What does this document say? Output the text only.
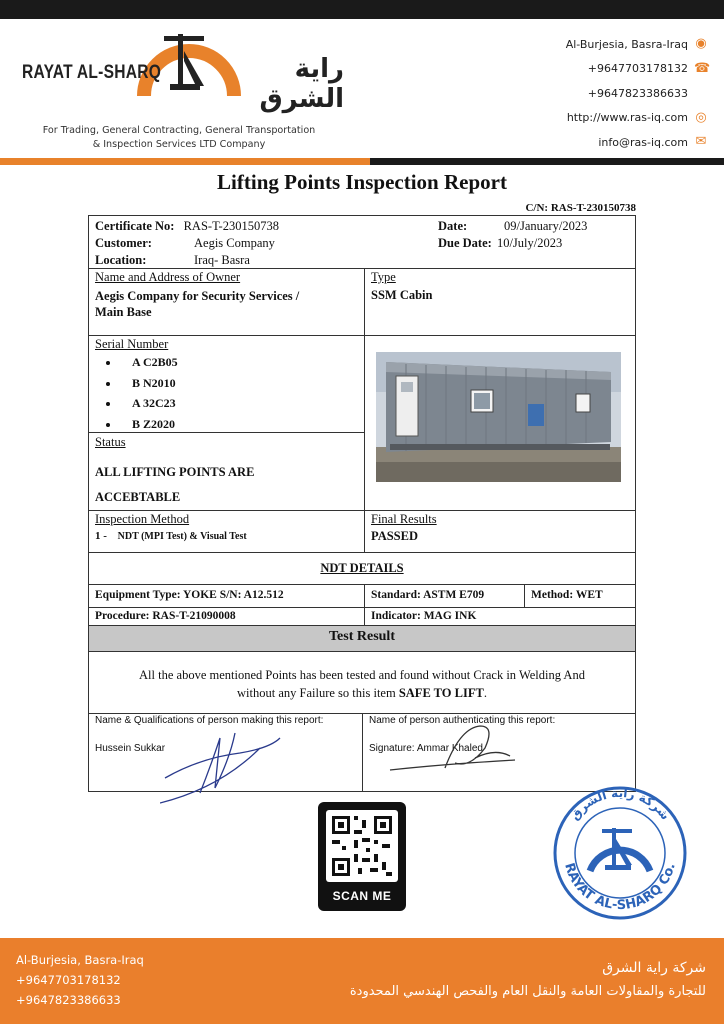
RAYAT AL-SHARQ	راية الشرق
For Trading, General Contracting, General Transportation
& Inspection Services LTD Company
Al-Burjesia, Basra-Iraq ◉
+9647703178132 ☎
+9647823386633
http://www.ras-iq.com ◎
info@ras-iq.com ✉
Lifting Points Inspection Report
C/N: RAS-T-230150738
Certificate No: RAS-T-230150738
Customer:	Aegis Company
Location:	Iraq- Basra
Date:	09/January/2023
Due Date: 10/July/2023
Name and Address of Owner
Aegis Company for Security Services /
Main Base
Type
SSM Cabin
Serial Number
• A C2B05
• B N2010
• A 32C23
• B Z2020
Status
ALL LIFTING POINTS ARE
ACCEBTABLE
Inspection Method
1 - NDT (MPI Test) & Visual Test
Final Results
PASSED
NDT DETAILS
Equipment Type: YOKE S/N: A12.512	Standard: ASTM E709	Method: WET
Procedure: RAS-T-21090008	Indicator: MAG INK
Test Result
All the above mentioned Points has been tested and found without Crack in Welding And
without any Failure so this item SAFE TO LIFT.
Name & Qualifications of person making this report:
Hussein Sukkar
Name of person authenticating this report:
Signature: Ammar Khaled
SCAN ME
RAYAT AL-SHARQ Co.
شركة راية الشرق
Al-Burjesia, Basra-Iraq
+9647703178132
+9647823386633
شركة راية الشرق
للتجارة والمقاولات العامة والنقل العام والفحص الهندسي المحدودة
